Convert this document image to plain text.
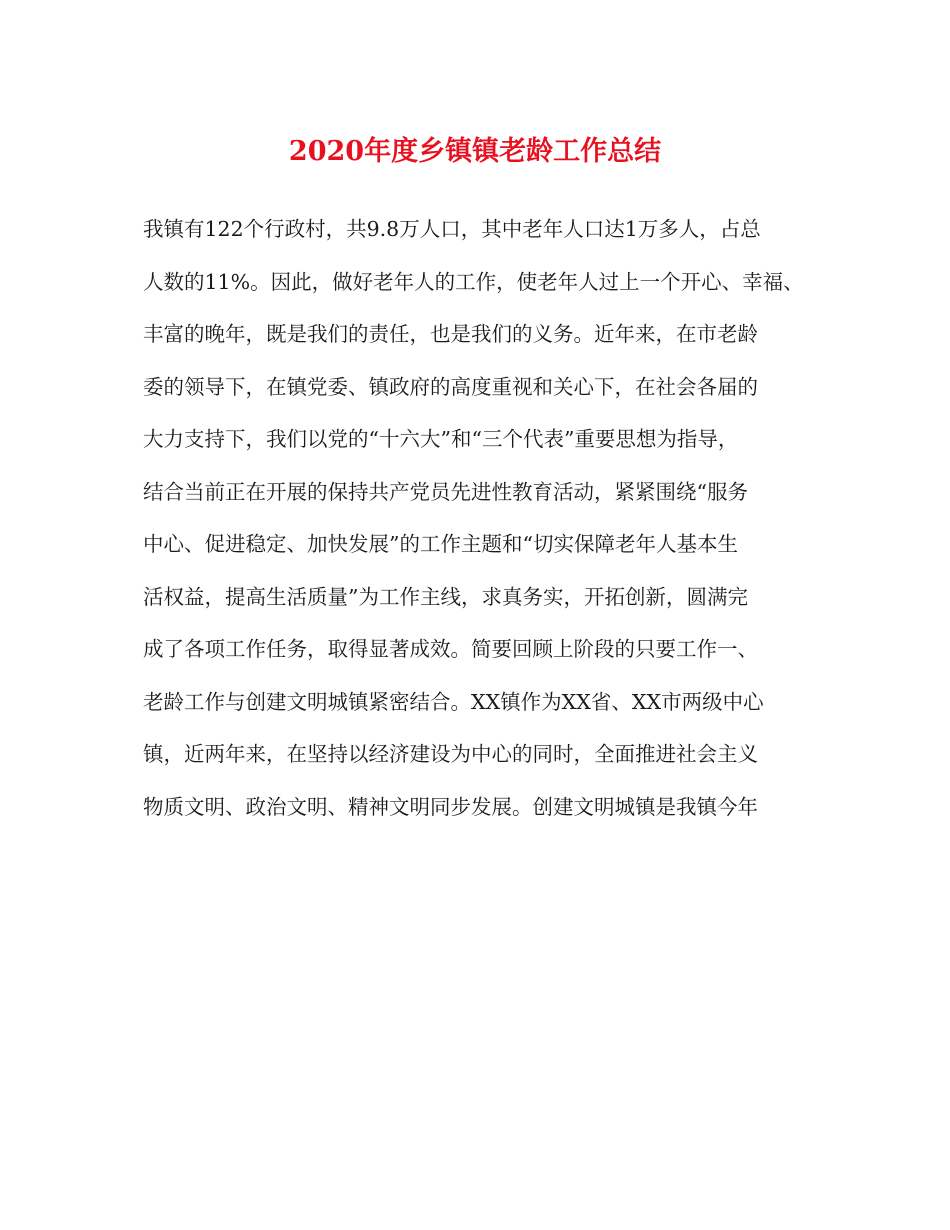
2020年度乡镇镇老龄工作总结
我镇有122个行政村，共9.8万人口，其中老年人口达1万多人，占总
人数的11%。因此，做好老年人的工作，使老年人过上一个开心、幸福、
丰富的晚年，既是我们的责任，也是我们的义务。近年来，在市老龄
委的领导下，在镇党委、镇政府的高度重视和关心下，在社会各届的
大力支持下，我们以党的“十六大”和“三个代表”重要思想为指导，
结合当前正在开展的保持共产党员先进性教育活动，紧紧围绕“服务
中心、促进稳定、加快发展”的工作主题和“切实保障老年人基本生
活权益，提高生活质量”为工作主线，求真务实，开拓创新，圆满完
成了各项工作任务，取得显著成效。简要回顾上阶段的只要工作一、
老龄工作与创建文明城镇紧密结合。XX镇作为XX省、XX市两级中心
镇，近两年来，在坚持以经济建设为中心的同时，全面推进社会主义
物质文明、政治文明、精神文明同步发展。创建文明城镇是我镇今年
